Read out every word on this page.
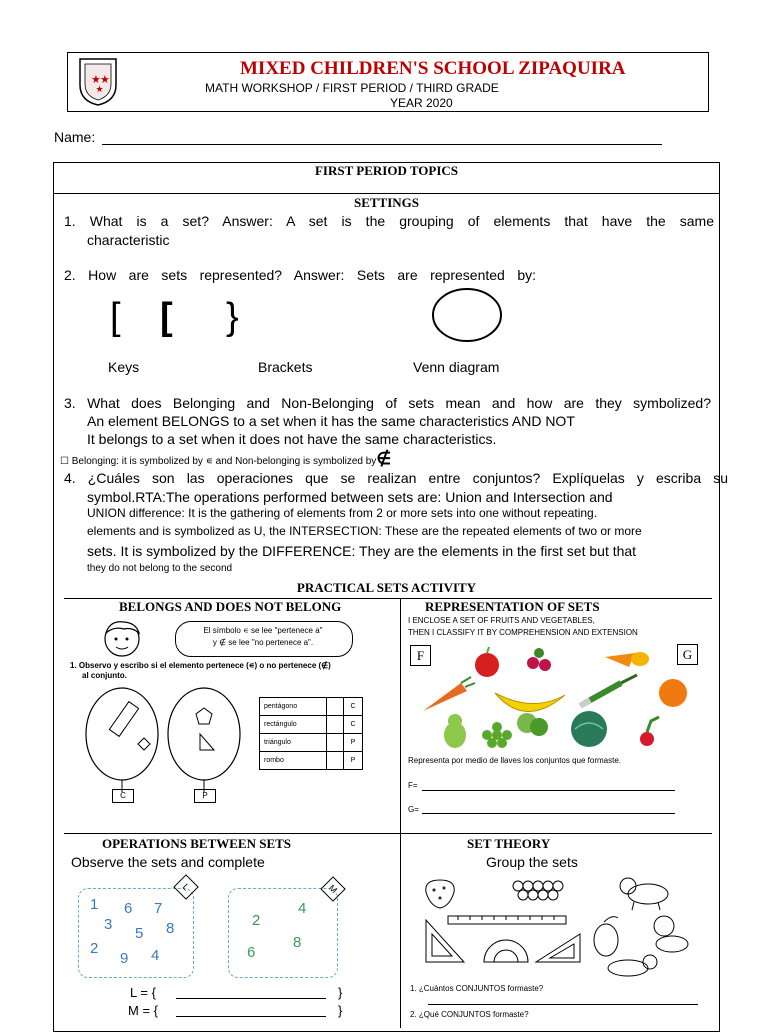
★ ★
★
MIXED CHILDREN'S SCHOOL ZIPAQUIRA
MATH WORKSHOP / FIRST PERIOD / THIRD GRADE
YEAR 2020
Name:
FIRST PERIOD TOPICS
SETTINGS
1. What is a set? Answer: A set is the grouping of elements that have the same
characteristic
2. How are sets represented? Answer: Sets are represented by:
[ [ }
Keys	Brackets	Venn diagram
3. What does Belonging and Non-Belonging of sets mean and how are they symbolized?
An element BELONGS to a set when it has the same characteristics AND NOT
It belongs to a set when it does not have the same characteristics.
☐ Belonging: it is symbolized by ∊ and Non-belonging is symbolized by∉
4. ¿Cuáles son las operaciones que se realizan entre conjuntos? Explíquelas y escriba su
symbol.RTA:The operations performed between sets are: Union and Intersection and
UNION difference: It is the gathering of elements from 2 or more sets into one without repeating.
elements and is symbolized as U, the INTERSECTION: These are the repeated elements of two or more
sets. It is symbolized by the DIFFERENCE: They are the elements in the first set but that
they do not belong to the second
PRACTICAL SETS ACTIVITY
BELONGS AND DOES NOT BELONG
El símbolo ∊ se lee "pertenece a"
y ∉ se lee "no pertenece a".
1. Observo y escribo si el elemento pertenece (∊) o no pertenece (∉)
al conjunto.
C	P
pentágono		C
rectángulo		C
triángulo		P
rombo		P
REPRESENTATION OF SETS
I ENCLOSE A SET OF FRUITS AND VEGETABLES,
THEN I CLASSIFY IT BY COMPREHENSION AND EXTENSION
F	G
Representa por medio de llaves los conjuntos que formaste.
F=
G=
OPERATIONS BETWEEN SETS
Observe the sets and complete
L	M
1 6 7
3
5 8
2
9 4
2
4
6
8
L = {	}
M = {	}
SET THEORY
Group the sets
1. ¿Cuántos CONJUNTOS formaste?
2. ¿Qué CONJUNTOS formaste?
